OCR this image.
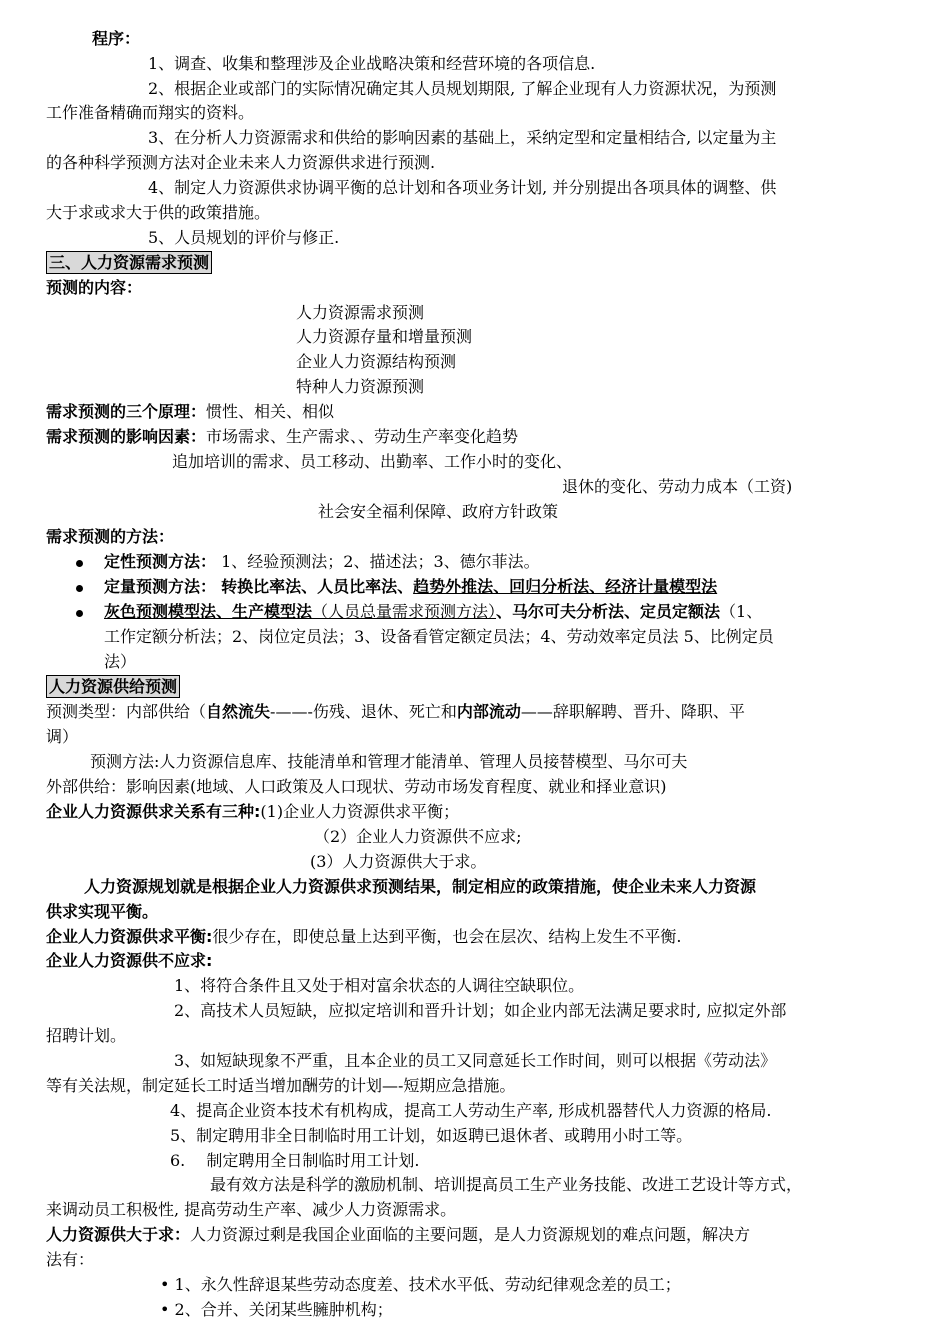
程序：
1、调查、收集和整理涉及企业战略决策和经营环境的各项信息.
2、根据企业或部门的实际情况确定其人员规划期限, 了解企业现有人力资源状况，为预测
工作准备精确而翔实的资料。
3、在分析人力资源需求和供给的影响因素的基础上，采纳定型和定量相结合, 以定量为主
的各种科学预测方法对企业未来人力资源供求进行预测.
4、制定人力资源供求协调平衡的总计划和各项业务计划, 并分别提出各项具体的调整、供
大于求或求大于供的政策措施。
5、人员规划的评价与修正.
三、人力资源需求预测
预测的内容：
人力资源需求预测
人力资源存量和增量预测
企业人力资源结构预测
特种人力资源预测
需求预测的三个原理：惯性、相关、相似
需求预测的影响因素：市场需求、生产需求、、劳动生产率变化趋势
追加培训的需求、员工移动、出勤率、工作小时的变化、
退休的变化、劳动力成本（工资)
社会安全福利保障、政府方针政策
需求预测的方法：
定性预测方法： 1、经验预测法；2、描述法；3、德尔菲法。
定量预测方法： 转换比率法、人员比率法、趋势外推法、回归分析法、经济计量模型法
灰色预测模型法、生产模型法（人员总量需求预测方法）、马尔可夫分析法、定员定额法（1、
工作定额分析法；2、岗位定员法；3、设备看管定额定员法；4、劳动效率定员法 5、比例定员
法）
人力资源供给预测
预测类型：内部供给（自然流失-——-伤残、退休、死亡和内部流动——辞职解聘、晋升、降职、平
调）
预测方法:人力资源信息库、技能清单和管理才能清单、管理人员接替模型、马尔可夫
外部供给：影响因素(地域、人口政策及人口现状、劳动市场发育程度、就业和择业意识)
企业人力资源供求关系有三种:(1)企业人力资源供求平衡；
（2）企业人力资源供不应求;
(3）人力资源供大于求。
人力资源规划就是根据企业人力资源供求预测结果，制定相应的政策措施，使企业未来人力资源
供求实现平衡。
企业人力资源供求平衡:很少存在，即使总量上达到平衡，也会在层次、结构上发生不平衡.
企业人力资源供不应求:
1、将符合条件且又处于相对富余状态的人调往空缺职位。
2、高技术人员短缺，应拟定培训和晋升计划；如企业内部无法满足要求时, 应拟定外部
招聘计划。
3、如短缺现象不严重，且本企业的员工又同意延长工作时间，则可以根据《劳动法》
等有关法规，制定延长工时适当增加酬劳的计划—-短期应急措施。
4、提高企业资本技术有机构成，提高工人劳动生产率, 形成机器替代人力资源的格局.
5、制定聘用非全日制临时用工计划，如返聘已退休者、或聘用小时工等。
6.　 制定聘用全日制临时用工计划.
最有效方法是科学的激励机制、培训提高员工生产业务技能、改进工艺设计等方式，
来调动员工积极性, 提高劳动生产率、减少人力资源需求。
人力资源供大于求：人力资源过剩是我国企业面临的主要问题，是人力资源规划的难点问题，解决方
法有：
• 1、永久性辞退某些劳动态度差、技术水平低、劳动纪律观念差的员工；
• 2、合并、关闭某些臃肿机构；
